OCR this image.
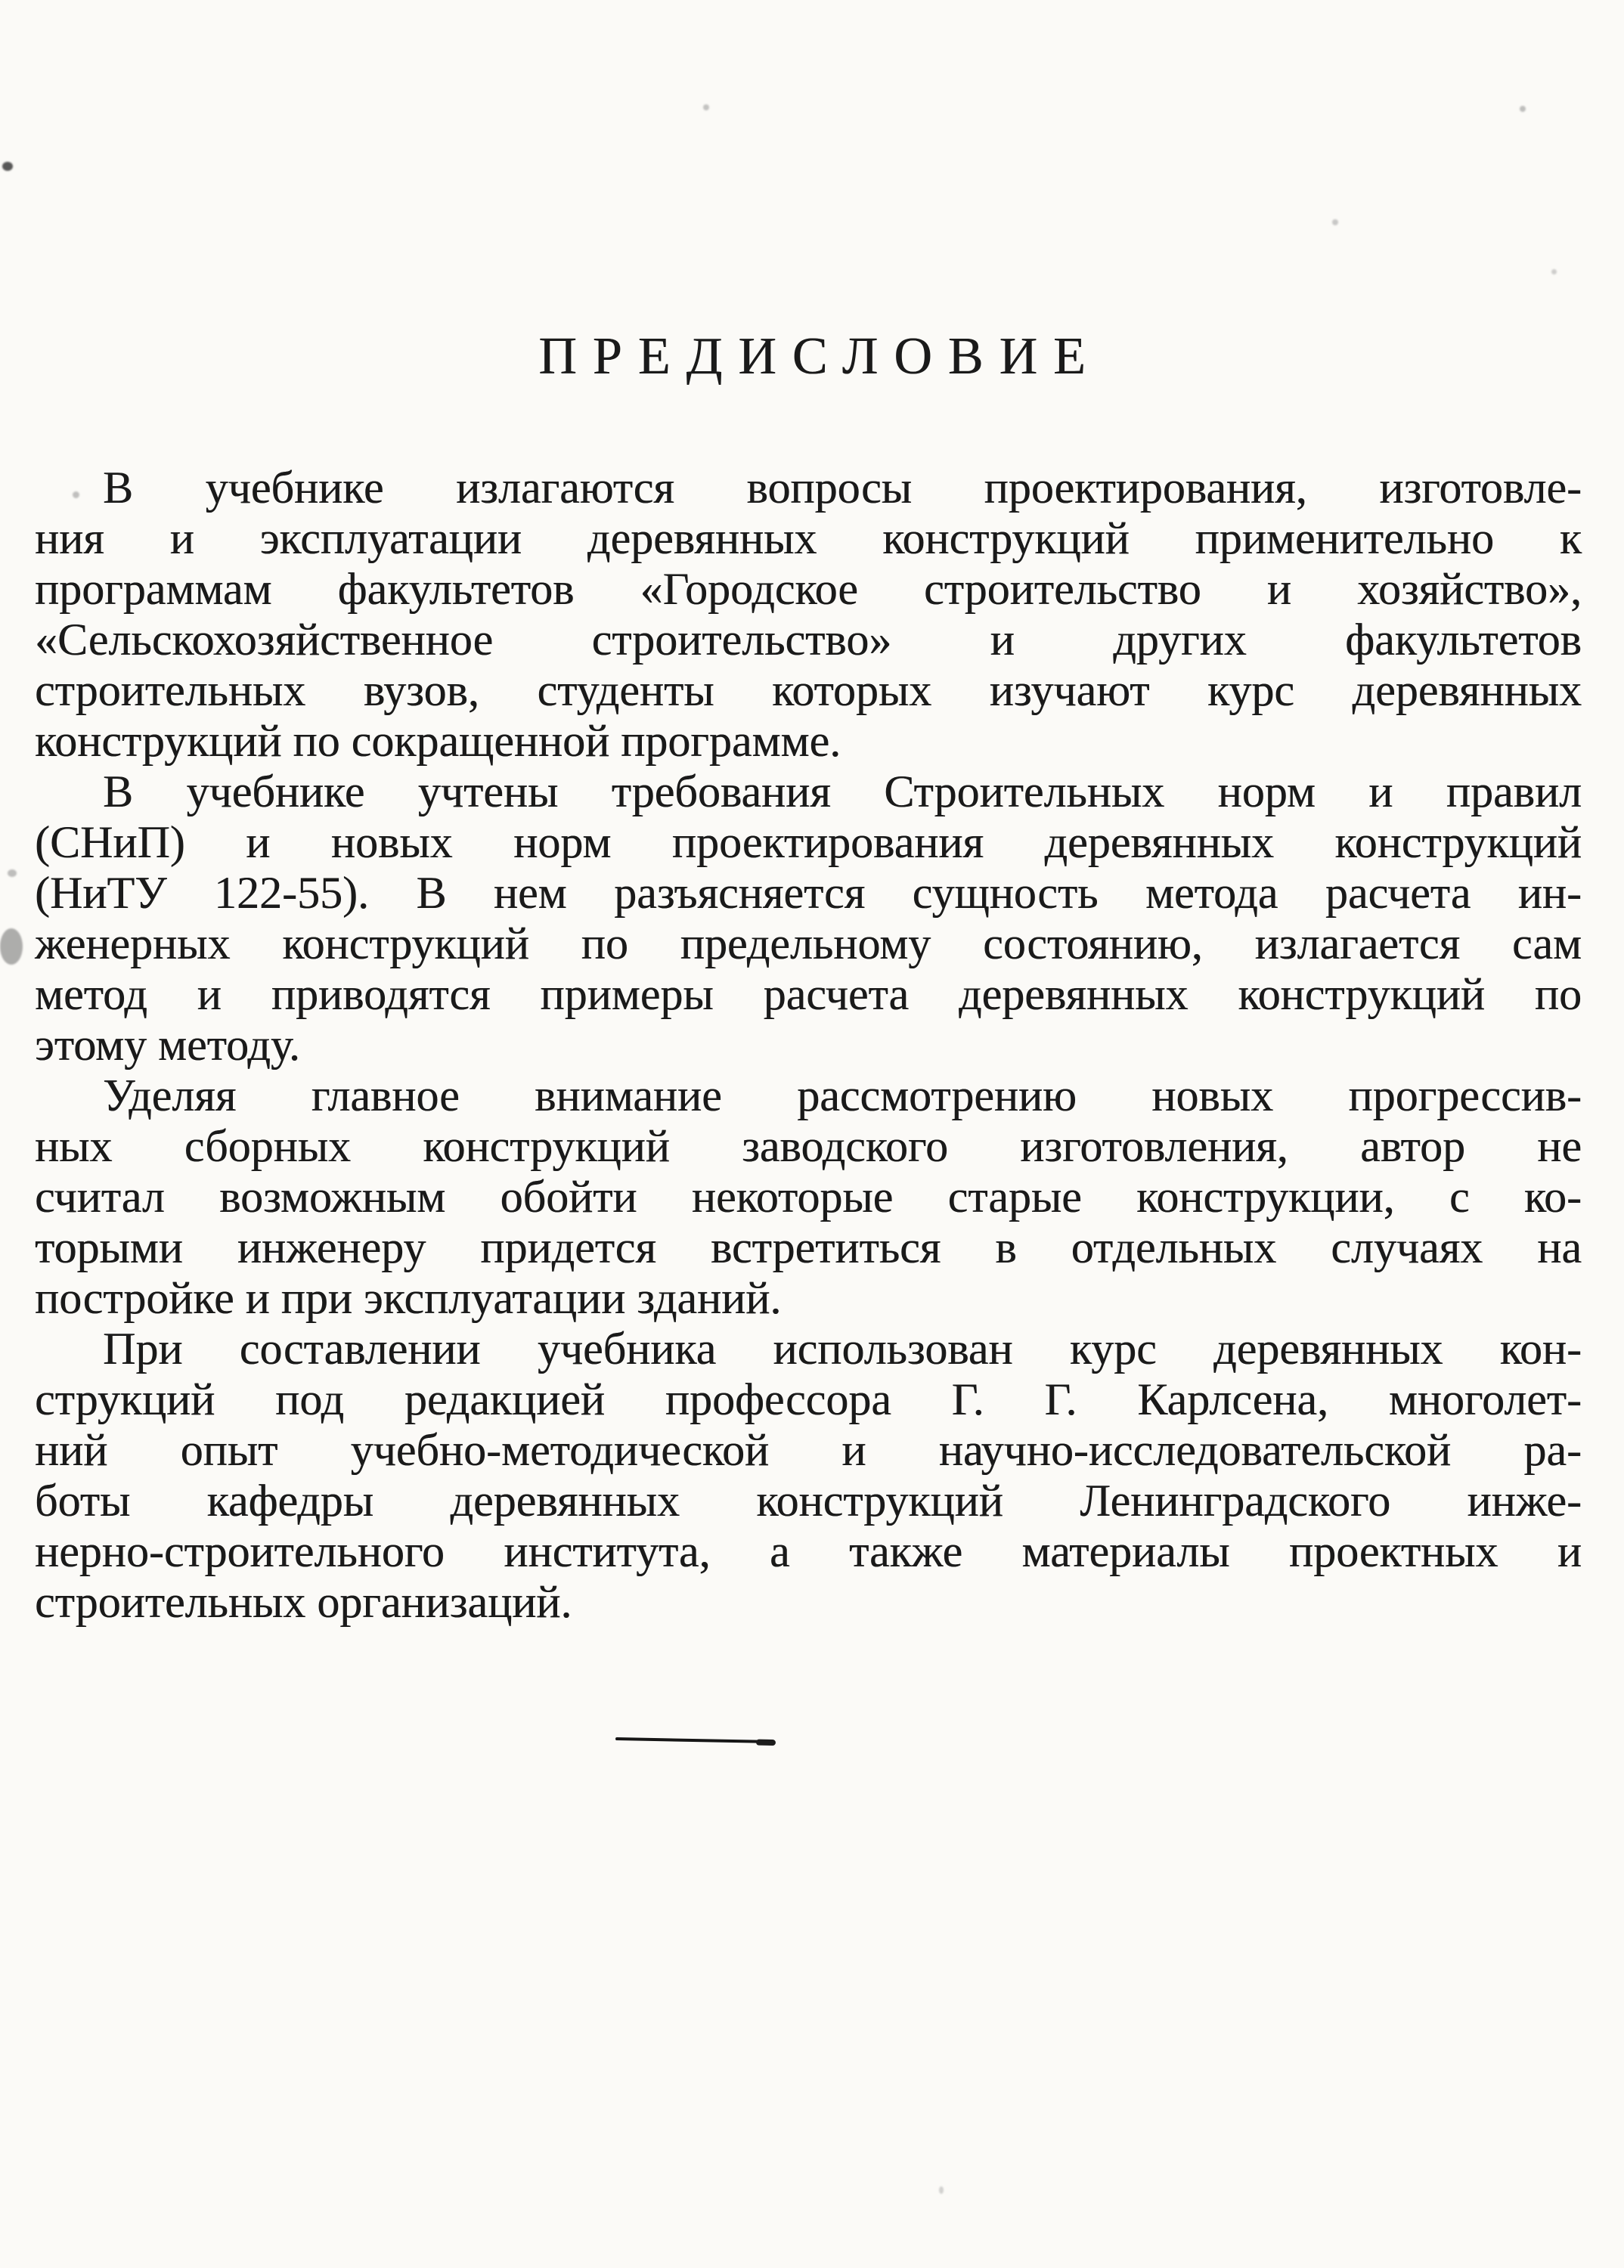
ПРЕДИСЛОВИЕ

В учебнике излагаются вопросы проектирования, изготовле-
ния и эксплуатации деревянных конструкций применительно к
программам факультетов «Городское строительство и хозяйство»,
«Сельскохозяйственное строительство» и других факультетов
строительных вузов, студенты которых изучают курс деревянных
конструкций по сокращенной программе.

В учебнике учтены требования Строительных норм и правил
(СНиП) и новых норм проектирования деревянных конструкций
(НиТУ 122-55). В нем разъясняется сущность метода расчета ин-
женерных конструкций по предельному состоянию, излагается сам
метод и приводятся примеры расчета деревянных конструкций по
этому методу.

Уделяя главное внимание рассмотрению новых прогрессив-
ных сборных конструкций заводского изготовления, автор не
считал возможным обойти некоторые старые конструкции, с ко-
торыми инженеру придется встретиться в отдельных случаях на
постройке и при эксплуатации зданий.

При составлении учебника использован курс деревянных кон-
струкций под редакцией профессора Г. Г. Карлсена, многолет-
ний опыт учебно-методической и научно-исследовательской ра-
боты кафедры деревянных конструкций Ленинградского инже-
нерно-строительного института, а также материалы проектных и
строительных организаций.
